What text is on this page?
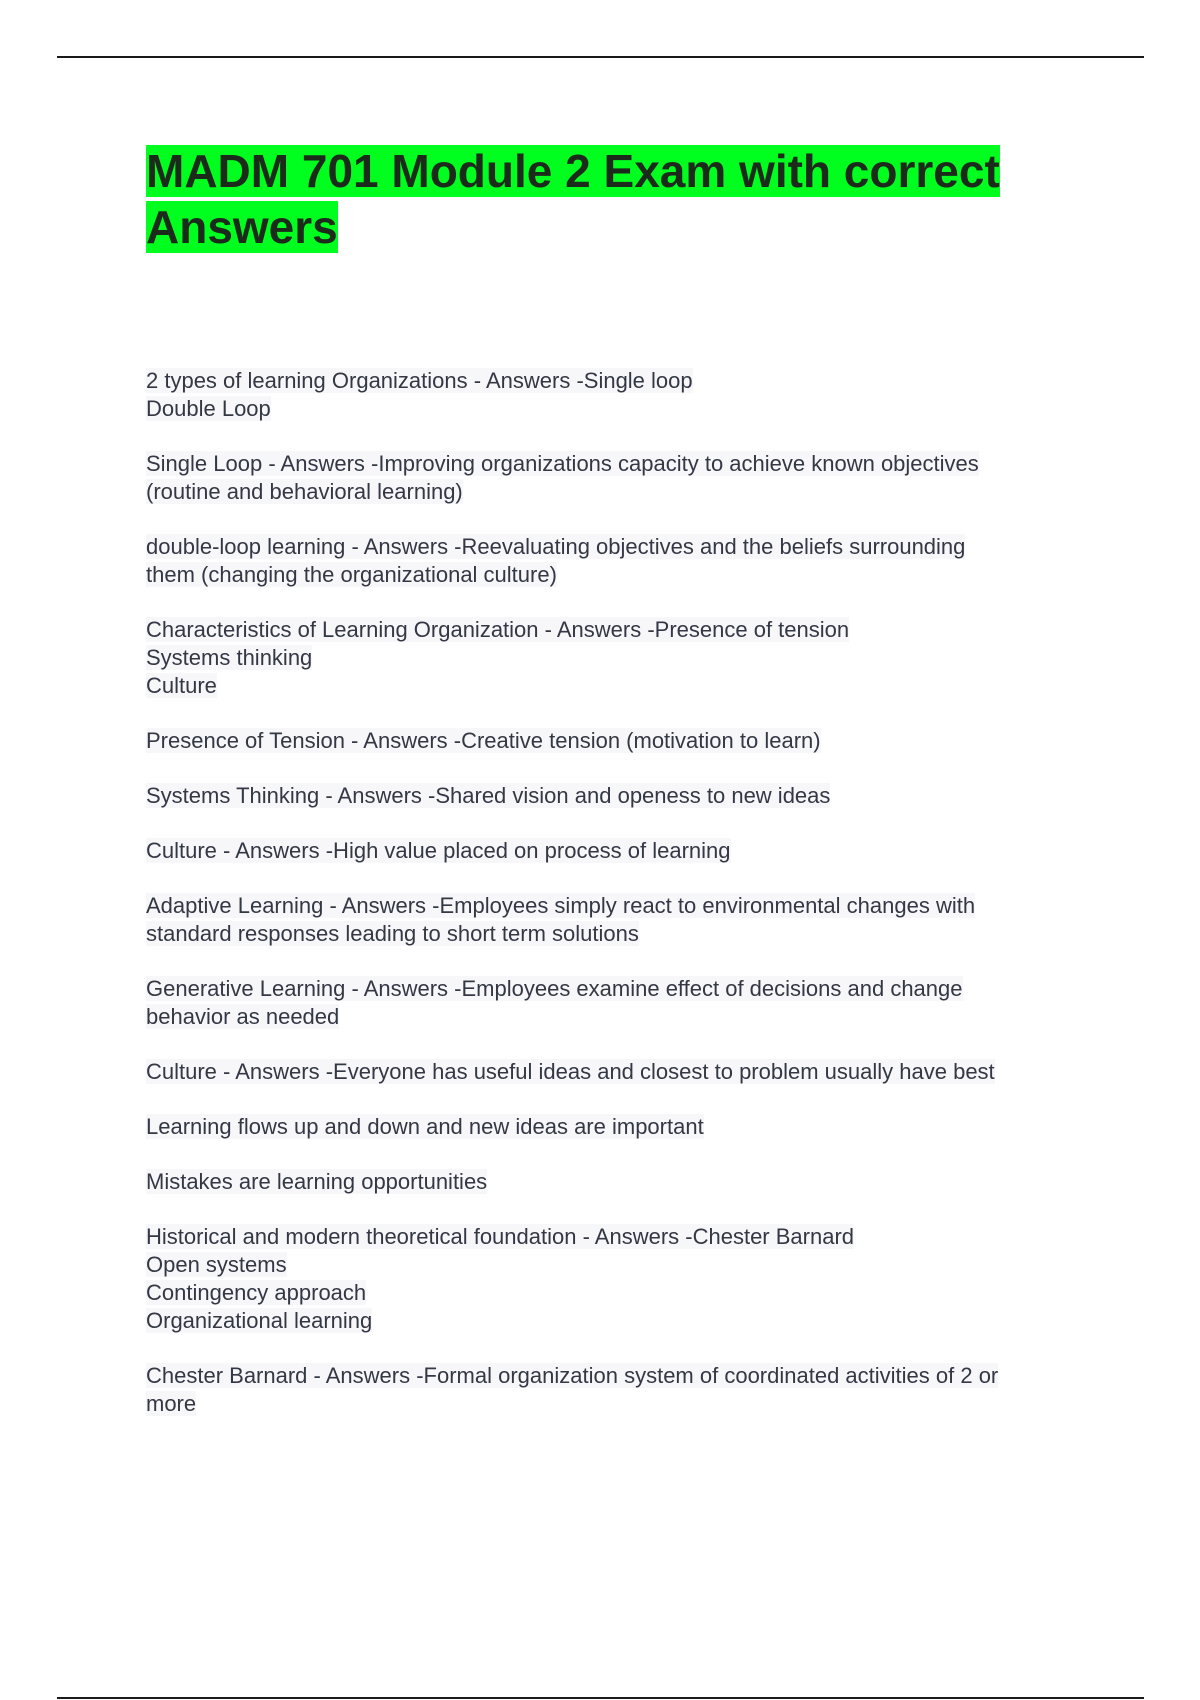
MADM 701 Module 2 Exam with correct Answers
2 types of learning Organizations - Answers -Single loop
Double Loop
Single Loop - Answers -Improving organizations capacity to achieve known objectives
(routine and behavioral learning)
double-loop learning - Answers -Reevaluating objectives and the beliefs surrounding
them (changing the organizational culture)
Characteristics of Learning Organization - Answers -Presence of tension
Systems thinking
Culture
Presence of Tension - Answers -Creative tension (motivation to learn)
Systems Thinking - Answers -Shared vision and openess to new ideas
Culture - Answers -High value placed on process of learning
Adaptive Learning - Answers -Employees simply react to environmental changes with
standard responses leading to short term solutions
Generative Learning - Answers -Employees examine effect of decisions and change
behavior as needed
Culture - Answers -Everyone has useful ideas and closest to problem usually have best
Learning flows up and down and new ideas are important
Mistakes are learning opportunities
Historical and modern theoretical foundation - Answers -Chester Barnard
Open systems
Contingency approach
Organizational learning
Chester Barnard - Answers -Formal organization system of coordinated activities of 2 or
more
